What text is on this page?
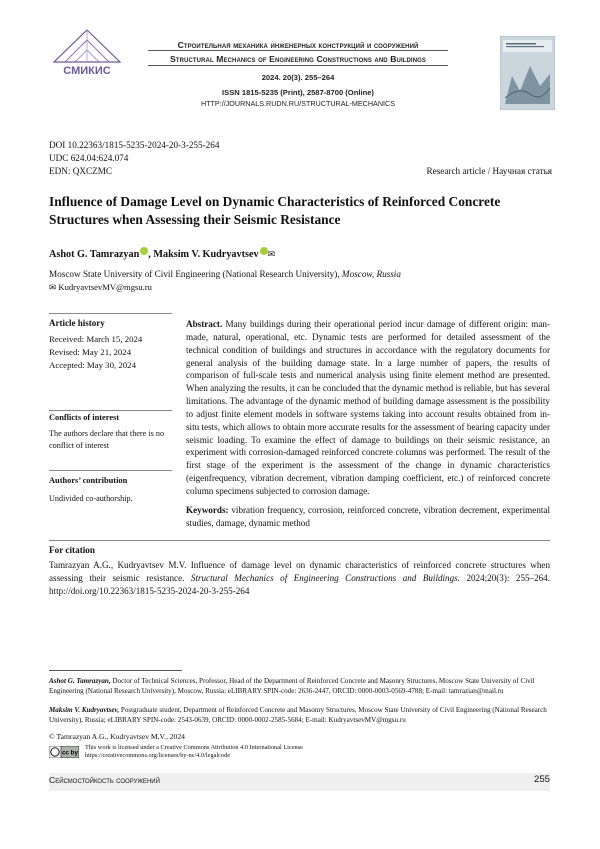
СМИКИС
Строительная механика инженерных конструкций и сооружений
Structural Mechanics of Engineering Constructions and Buildings
2024. 20(3). 255–264
ISSN 1815-5235 (Print), 2587-8700 (Online)
HTTP://JOURNALS.RUDN.RU/STRUCTURAL-MECHANICS
DOI 10.22363/1815-5235-2024-20-3-255-264
UDC 624.04:624.074
EDN: QXCZMC	Research article / Научная статья
Influence of Damage Level on Dynamic Characteristics of Reinforced Concrete Structures when Assessing their Seismic Resistance
Ashot G. Tamrazyan , Maksim V. Kudryavtsev ✉
Moscow State University of Civil Engineering (National Research University), Moscow, Russia
✉ KudryavtsevMV@mgsu.ru
Article history
Received: March 15, 2024
Revised: May 21, 2024
Accepted: May 30, 2024
Conflicts of interest
The authors declare that there is no conflict of interest
Authors’ contribution
Undivided co-authorship.
Abstract. Many buildings during their operational period incur damage of different origin: man-made, natural, operational, etc. Dynamic tests are performed for detailed assessment of the technical condition of buildings and structures in accordance with the regulatory documents for general analysis of the building damage state. In a large number of papers, the results of comparison of full-scale tests and numerical analysis using finite element method are presented. When analyzing the results, it can be concluded that the dynamic method is reliable, but has several limitations. The advantage of the dynamic method of building damage assessment is the possibility to adjust finite element models in software systems taking into account results obtained from in-situ tests, which allows to obtain more accurate results for the assessment of bearing capacity under seismic loading. To examine the effect of damage to buildings on their seismic resistance, an experiment with corrosion-damaged reinforced concrete columns was performed. The result of the first stage of the experiment is the assessment of the change in dynamic characteristics (eigenfrequency, vibration decrement, vibration damping coefficient, etc.) of reinforced concrete column specimens subjected to corrosion damage.
Keywords: vibration frequency, corrosion, reinforced concrete, vibration decrement, experimental studies, damage, dynamic method
For citation
Tamrazyan A.G., Kudryavtsev M.V. Influence of damage level on dynamic characteristics of reinforced concrete structures when assessing their seismic resistance. Structural Mechanics of Engineering Constructions and Buildings. 2024;20(3): 255–264. http://doi.org/10.22363/1815-5235-2024-20-3-255-264
Ashot G. Tamrazyan, Doctor of Technical Sciences, Professor, Head of the Department of Reinforced Concrete and Masonry Structures, Moscow State University of Civil Engineering (National Research University), Moscow, Russia; eLIBRARY SPIN-code: 2636-2447, ORCID: 0000-0003-0569-4788; E-mail: tamrazian@mail.ru
Maksim V. Kudryavtsev, Postgraduate student, Department of Reinforced Concrete and Masonry Structures, Moscow State University of Civil Engineering (National Research University), Russia; eLIBRARY SPIN-code: 2543-0639, ORCID: 0000-0002-2585-5684; E-mail: KudryavtsevMV@mgsu.ru
© Tamrazyan A.G., Kudryavtsev M.V., 2024
cc by
This work is licensed under a Creative Commons Attribution 4.0 International License
https://creativecommons.org/licenses/by-nc/4.0/legalcode
Сейсмостойкость сооружений	255
